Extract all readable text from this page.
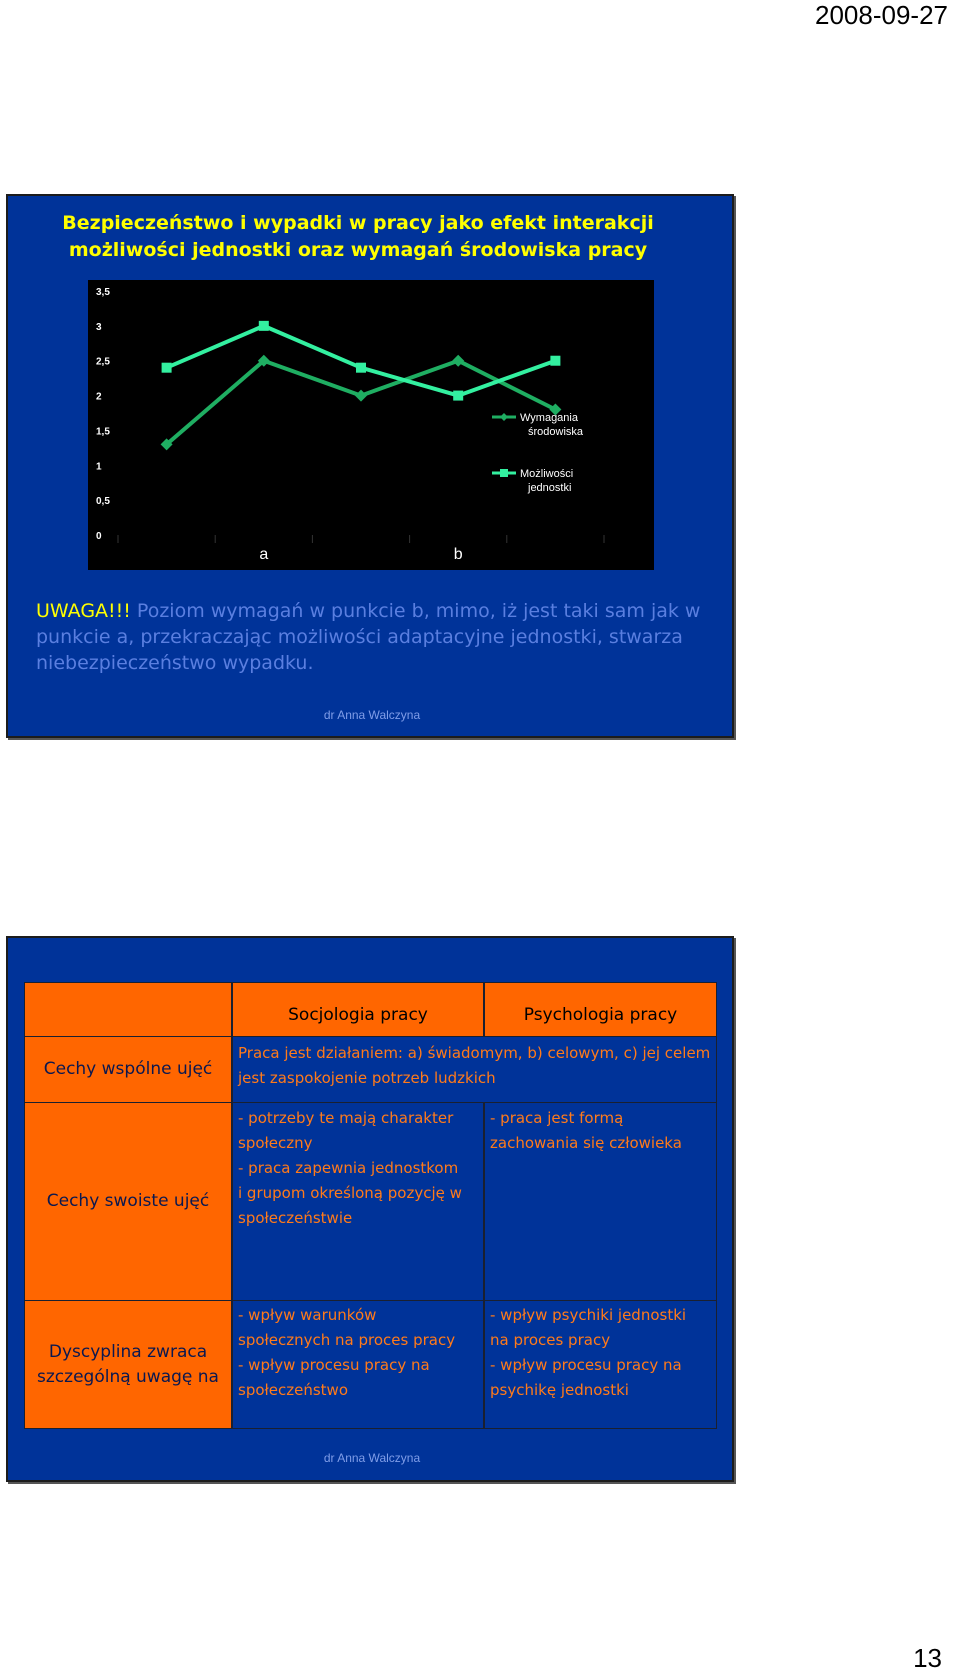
2008-09-27
Bezpieczeństwo i wypadki w pracy jako efekt interakcji możliwości jednostki oraz wymagań środowiska pracy
0
0,5
1
1,5
2
2,5
3
3,5
a	b
Wymagania
środowiska
Możliwości
jednostki
UWAGA!!! Poziom wymagań w punkcie b, mimo, iż jest taki sam jak w punkcie a, przekraczając możliwości adaptacyjne jednostki, stwarza niebezpieczeństwo wypadku.
dr Anna Walczyna
Socjologia pracy	Psychologia pracy
Cechy wspólne ujęć
Praca jest działaniem: a) świadomym, b) celowym, c) jej celem jest zaspokojenie potrzeb ludzkich
Cechy swoiste ujęć
- potrzeby te mają charakter
społeczny
- praca zapewnia jednostkom
i grupom określoną pozycję w
społeczeństwie
- praca jest formą
zachowania się człowieka
Dyscyplina zwraca
szczególną uwagę na
- wpływ warunków
społecznych na proces pracy
- wpływ procesu pracy na
społeczeństwo
- wpływ psychiki jednostki
na proces pracy
- wpływ procesu pracy na
psychikę jednostki
dr Anna Walczyna
13
